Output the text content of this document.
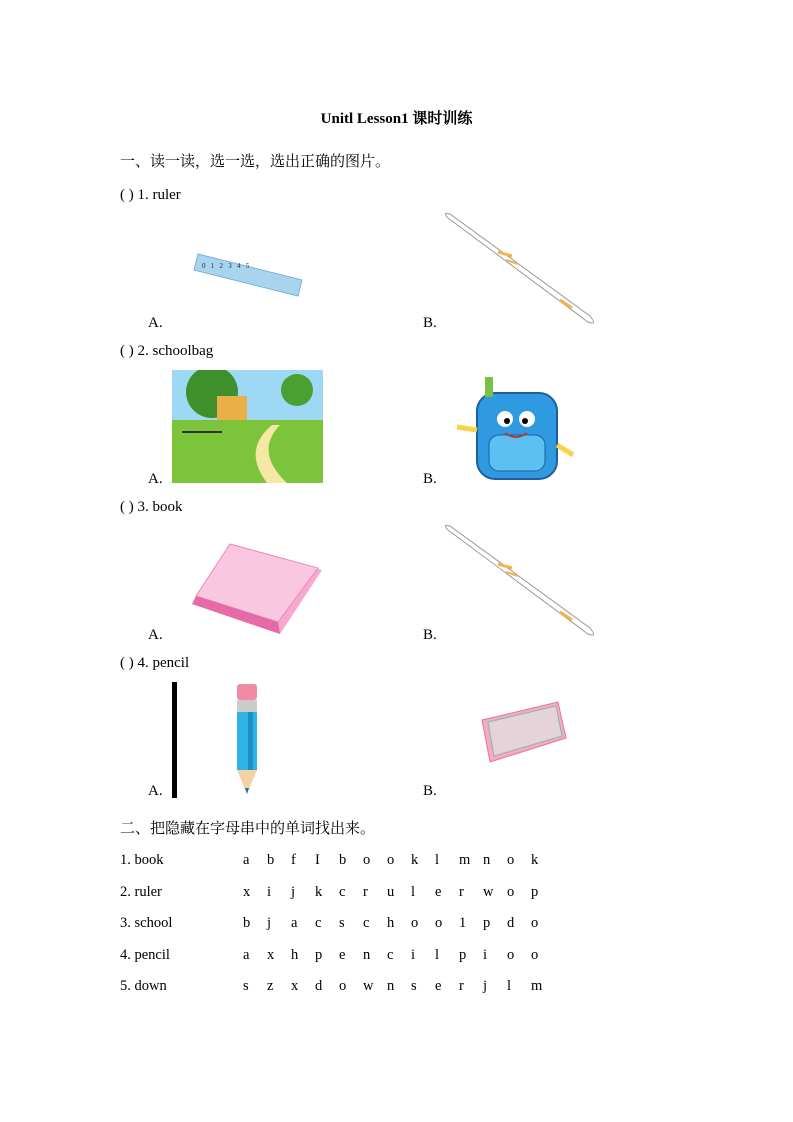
Unitl Lesson1 课时训练
一、读一读，选一选，选出正确的图片。
( ) 1. ruler
0   1   2   3   4   5
A.	B.
( ) 2. schoolbag
A.	B.
( ) 3. book
A.	B.
( ) 4. pencil
A.	B.
二、把隐藏在字母串中的单词找出来。
1. book	a	b	f	I	b	o	o	k	l	m n	o	k
2. ruler	x	i	j	k	c	r	u	l	e	r	w o	p
3. school	b	j	a	c	s	c	h	o	o	1	p	d	o
4. pencil	a	x	h	p	e	n	c	i	l	p	i	o	o
5. down	s	z	x	d	o	w n	s	e	r	j	l	m
